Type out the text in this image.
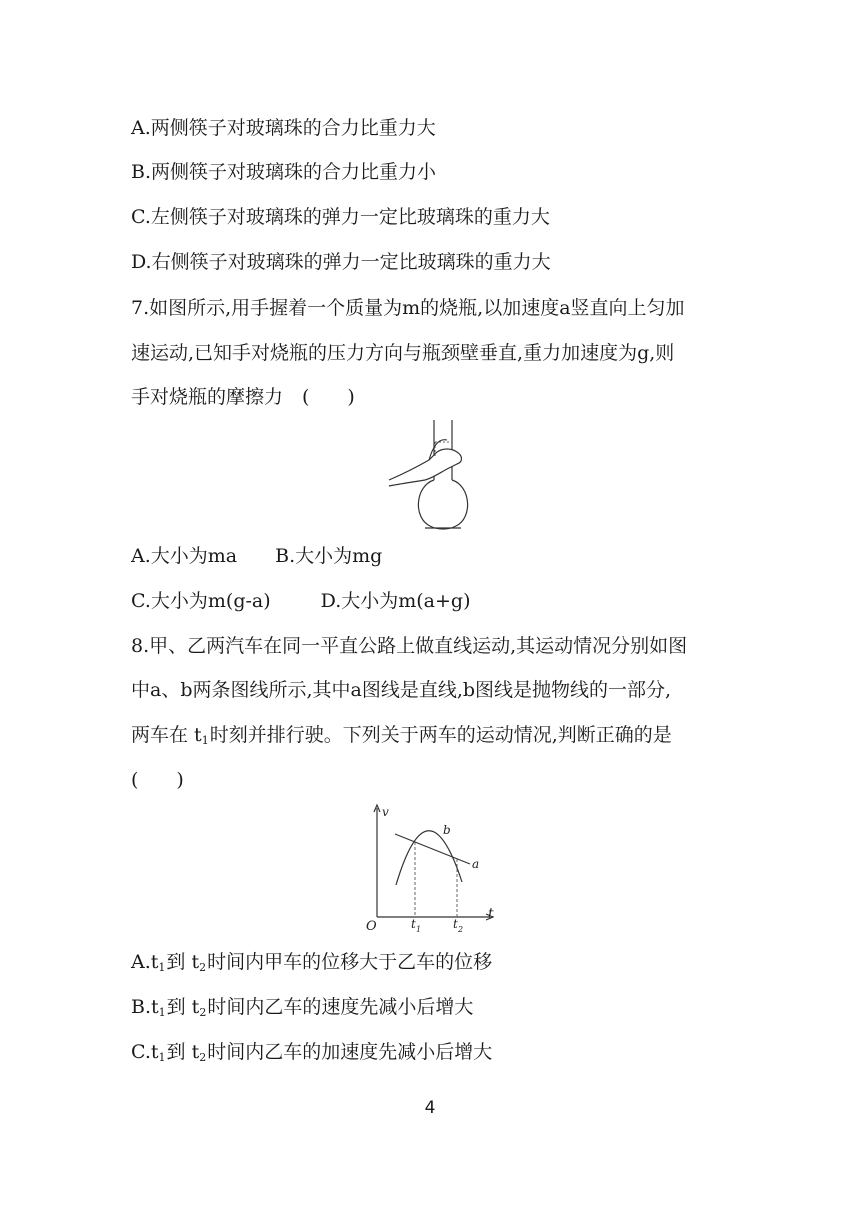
A.两侧筷子对玻璃珠的合力比重力大
B.两侧筷子对玻璃珠的合力比重力小
C.左侧筷子对玻璃珠的弹力一定比玻璃珠的重力大
D.右侧筷子对玻璃珠的弹力一定比玻璃珠的重力大
7.如图所示,用手握着一个质量为m的烧瓶,以加速度a竖直向上匀加
速运动,已知手对烧瓶的压力方向与瓶颈壁垂直,重力加速度为g,则
手对烧瓶的摩擦力　(　　)
A.大小为ma B.大小为mg
C.大小为m(g-a)	D.大小为m(a+g)
8.甲、乙两汽车在同一平直公路上做直线运动,其运动情况分别如图
中a、b两条图线所示,其中a图线是直线,b图线是抛物线的一部分,
两车在 $t_1$时刻并排行驶。下列关于两车的运动情况,判断正确的是
(　　)
v
t
O	t 1	t 2
a
b
$A.t_1$到 $t_2$时间内甲车的位移大于乙车的位移
$B.t_1$到 $t_2$时间内乙车的速度先减小后增大
$C.t_1$到 $t_2$时间内乙车的加速度先减小后增大
4
